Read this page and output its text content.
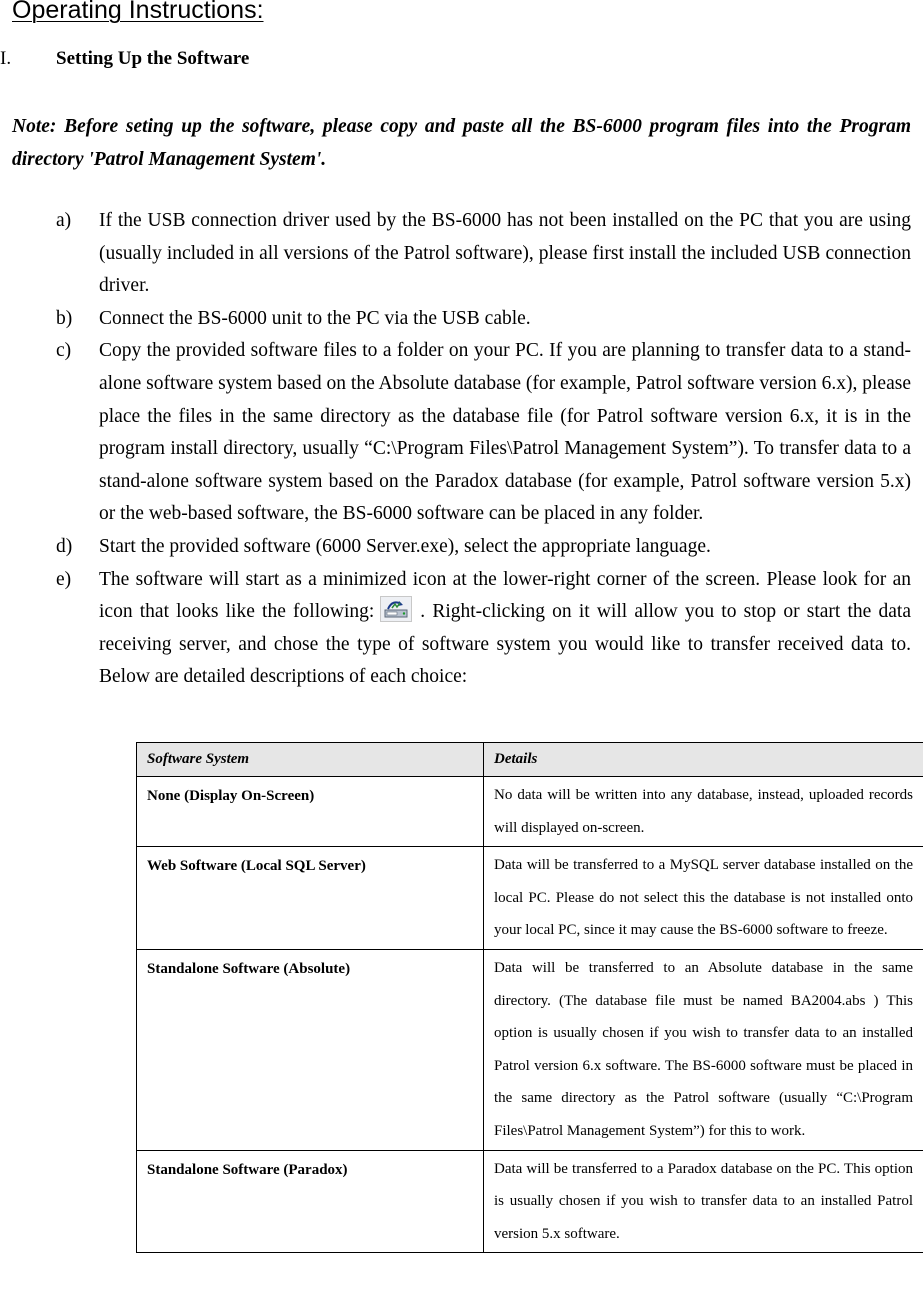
Operating Instructions:
I. Setting Up the Software
Note: Before seting up the software, please copy and paste all the BS-6000 program files into the Program directory 'Patrol Management System'.
a) If the USB connection driver used by the BS-6000 has not been installed on the PC that you are using (usually included in all versions of the Patrol software), please first install the included USB connection driver.
b) Connect the BS-6000 unit to the PC via the USB cable.
c) Copy the provided software files to a folder on your PC. If you are planning to transfer data to a stand-alone software system based on the Absolute database (for example, Patrol software version 6.x), please place the files in the same directory as the database file (for Patrol software version 6.x, it is in the program install directory, usually “C:\Program Files\Patrol Management System”). To transfer data to a stand-alone software system based on the Paradox database (for example, Patrol software version 5.x) or the web-based software, the BS-6000 software can be placed in any folder.
d) Start the provided software (6000 Server.exe), select the appropriate language.
e) The software will start as a minimized icon at the lower-right corner of the screen. Please look for an icon that looks like the following: . Right-clicking on it will allow you to stop or start the data receiving server, and chose the type of software system you would like to transfer received data to. Below are detailed descriptions of each choice:
Software System	Details

None (Display On-Screen)	No data will be written into any database, instead, uploaded records will displayed on-screen.

Web Software (Local SQL Server)	Data will be transferred to a MySQL server database installed on the local PC. Please do not select this the database is not installed onto your local PC, since it may cause the BS-6000 software to freeze.

Standalone Software (Absolute)	Data will be transferred to an Absolute database in the same directory. (The database file must be named BA2004.abs ) This option is usually chosen if you wish to transfer data to an installed Patrol version 6.x software. The BS-6000 software must be placed in the same directory as the Patrol software (usually “C:\Program Files\Patrol Management System”) for this to work.

Standalone Software (Paradox)	Data will be transferred to a Paradox database on the PC. This option is usually chosen if you wish to transfer data to an installed Patrol version 5.x software.
